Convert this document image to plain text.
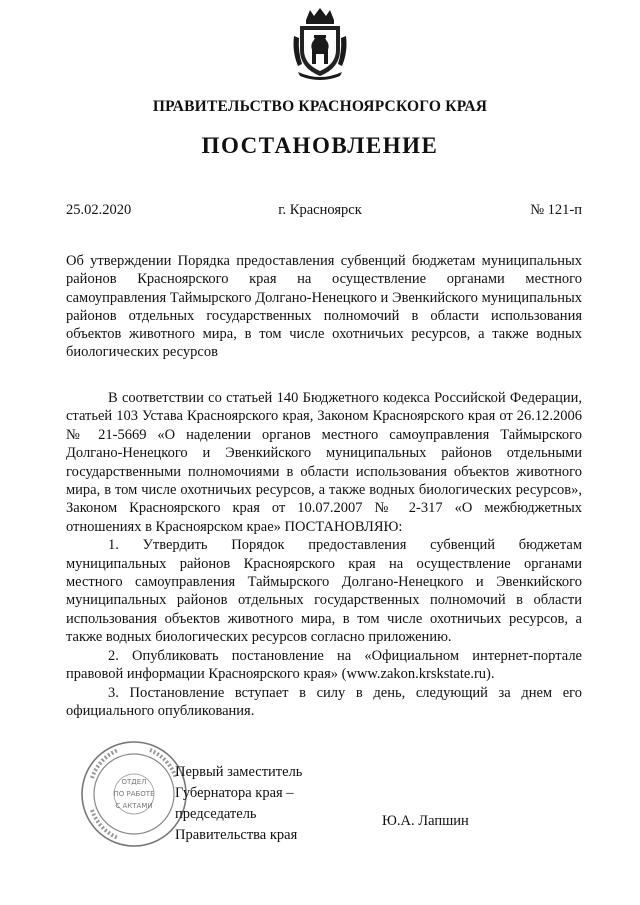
ПРАВИТЕЛЬСТВО КРАСНОЯРСКОГО КРАЯ
ПОСТАНОВЛЕНИЕ
25.02.2020	г. Красноярск	№ 121-п

Об утверждении Порядка предоставления субвенций бюджетам муниципальных районов Красноярского края на осуществление органами местного самоуправления Таймырского Долгано-Ненецкого и Эвенкийского муниципальных районов отдельных государственных полномочий в области использования объектов животного мира, в том числе охотничьих ресурсов, а также водных биологических ресурсов

В соответствии со статьей 140 Бюджетного кодекса Российской Федерации, статьей 103 Устава Красноярского края, Законом Красноярского края от 26.12.2006 № 21-5669 «О наделении органов местного самоуправления Таймырского Долгано-Ненецкого и Эвенкийского муниципальных районов отдельными государственными полномочиями в области использования объектов животного мира, в том числе охотничьих ресурсов, а также водных биологических ресурсов», Законом Красноярского края от 10.07.2007 № 2-317 «О межбюджетных отношениях в Красноярском крае» ПОСТАНОВЛЯЮ:

1. Утвердить Порядок предоставления субвенций бюджетам муниципальных районов Красноярского края на осуществление органами местного самоуправления Таймырского Долгано-Ненецкого и Эвенкийского муниципальных районов отдельных государственных полномочий в области использования объектов животного мира, в том числе охотничьих ресурсов, а также водных биологических ресурсов согласно приложению.

2. Опубликовать постановление на «Официальном интернет-портале правовой информации Красноярского края» (www.zakon.krskstate.ru).

3. Постановление вступает в силу в день, следующий за днем его официального опубликования.

ОТДЕЛ
ПО РАБОТЕ
С АКТАМИ
Первый заместитель
Губернатора края –
председатель
Правительства края
Ю.А. Лапшин
